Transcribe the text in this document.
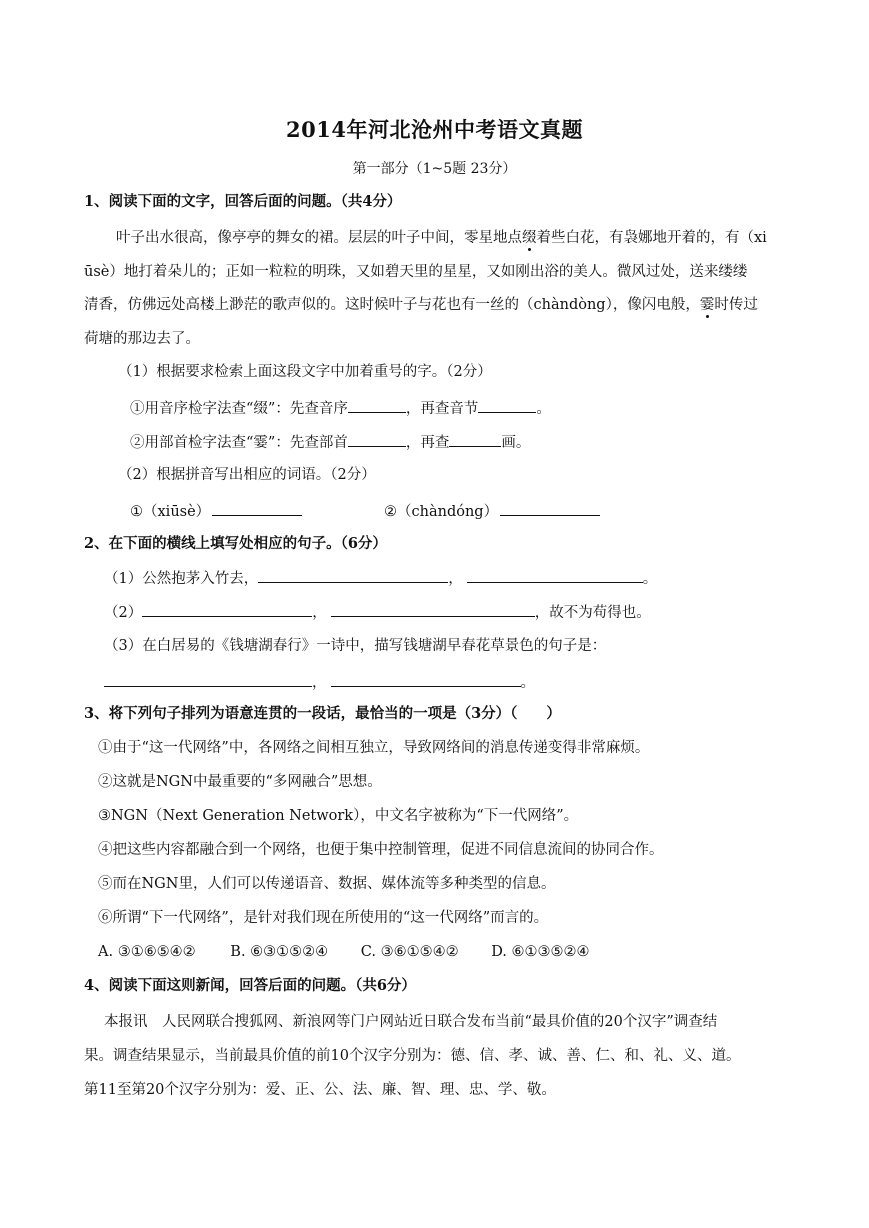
2014年河北沧州中考语文真题
第一部分（1~5题 23分）
1、阅读下面的文字，回答后面的问题。（共4分）
叶子出水很高，像亭亭的舞女的裙。层层的叶子中间，零星地点缀着些白花，有袅娜地开着的，有（xi
ūsè）地打着朵儿的；正如一粒粒的明珠，又如碧天里的星星，又如刚出浴的美人。微风过处，送来缕缕
清香，仿佛远处高楼上渺茫的歌声似的。这时候叶子与花也有一丝的（chàndòng），像闪电般，霎时传过
荷塘的那边去了。
（1）根据要求检索上面这段文字中加着重号的字。（2分）
①用音序检字法查“缀”：先查音序	，再查音节	。
②用部首检字法查“霎”：先查部首	，再查	画。
（2）根据拼音写出相应的词语。（2分）
①（xiūsè）	②（chàndóng）
2、在下面的横线上填写处相应的句子。（6分）
（1）公然抱茅入竹去，	，	。
（2）	，	，故不为苟得也。
（3）在白居易的《钱塘湖春行》一诗中，描写钱塘湖早春花草景色的句子是：
，	。
3、将下列句子排列为语意连贯的一段话，最恰当的一项是（3分）（　　）
①由于“这一代网络”中，各网络之间相互独立，导致网络间的消息传递变得非常麻烦。
②这就是NGN中最重要的“多网融合”思想。
③NGN（Next Generation Network），中文名字被称为“下一代网络”。
④把这些内容都融合到一个网络，也便于集中控制管理，促进不同信息流间的协同合作。
⑤而在NGN里，人们可以传递语音、数据、媒体流等多种类型的信息。
⑥所谓“下一代网络”，是针对我们现在所使用的“这一代网络”而言的。
A. ③①⑥⑤④② B. ⑥③①⑤②④ C. ③⑥①⑤④② D. ⑥①③⑤②④
4、阅读下面这则新闻，回答后面的问题。（共6分）
本报讯　人民网联合搜狐网、新浪网等门户网站近日联合发布当前“最具价值的20个汉字”调查结
果。调查结果显示，当前最具价值的前10个汉字分别为：德、信、孝、诚、善、仁、和、礼、义、道。
第11至第20个汉字分别为：爱、正、公、法、廉、智、理、忠、学、敬。
